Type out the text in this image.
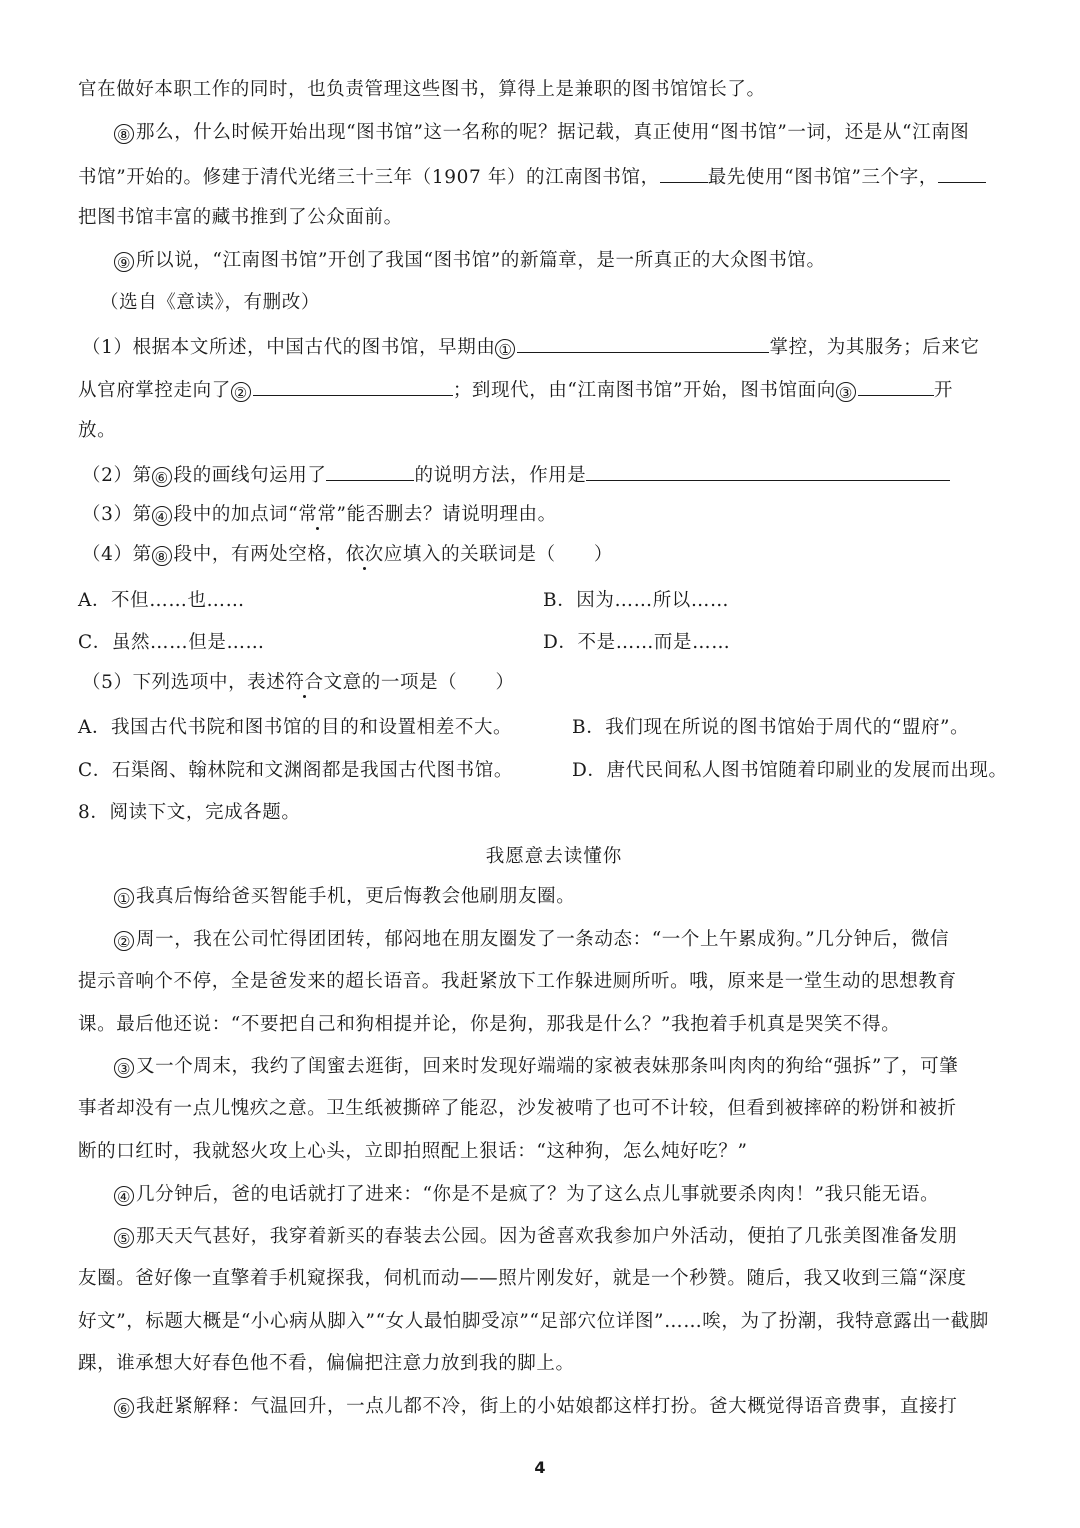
官在做好本职工作的同时，也负责管理这些图书，算得上是兼职的图书馆馆长了。
⑧ 那么，什么时候开始出现“图书馆”这一名称的呢？据记载，真正使用“图书馆”一词，还是从“江南图
书馆”开始的。修建于清代光绪三十三年（1907 年）的江南图书馆，	最先使用“图书馆”三个字，
把图书馆丰富的藏书推到了公众面前。
⑨ 所以说，“江南图书馆”开创了我国“图书馆”的新篇章，是一所真正的大众图书馆。
（选自《意读》，有删改）
（1）根据本文所述，中国古代的图书馆，早期由 ①	掌控，为其服务；后来它
从官府掌控走向了 ②	；到现代，由“江南图书馆”开始，图书馆面向 ③	开
放。
（2）第 ⑥ 段的画线句运用了	的说明方法，作用是
（3）第 ④ 段中的加点词“常常”能否删去？请说明理由。
（4）第 ⑧ 段中，有两处空格，依次应填入的关联词是（　　）
A．不但……也……	B．因为……所以……
C．虽然……但是……	D．不是……而是……
（5）下列选项中，表述符合文意的一项是（　　）
A．我国古代书院和图书馆的目的和设置相差不大。	B．我们现在所说的图书馆始于周代的“盟府”。
C．石渠阁、翰林院和文渊阁都是我国古代图书馆。	D．唐代民间私人图书馆随着印刷业的发展而出现。
8．阅读下文，完成各题。
我愿意去读懂你
① 我真后悔给爸买智能手机，更后悔教会他刷朋友圈。
② 周一，我在公司忙得团团转，郁闷地在朋友圈发了一条动态：“一个上午累成狗。”几分钟后，微信
提示音响个不停，全是爸发来的超长语音。我赶紧放下工作躲进厕所听。哦，原来是一堂生动的思想教育
课。最后他还说：“不要把自己和狗相提并论，你是狗，那我是什么？”我抱着手机真是哭笑不得。
③ 又一个周末，我约了闺蜜去逛街，回来时发现好端端的家被表妹那条叫肉肉的狗给“强拆”了，可肇
事者却没有一点儿愧疚之意。卫生纸被撕碎了能忍，沙发被啃了也可不计较，但看到被摔碎的粉饼和被折
断的口红时，我就怒火攻上心头，立即拍照配上狠话：“这种狗，怎么炖好吃？”
④ 几分钟后，爸的电话就打了进来：“你是不是疯了？为了这么点儿事就要杀肉肉！”我只能无语。
⑤ 那天天气甚好，我穿着新买的春装去公园。因为爸喜欢我参加户外活动，便拍了几张美图准备发朋
友圈。爸好像一直擎着手机窥探我，伺机而动——照片刚发好，就是一个秒赞。随后，我又收到三篇“深度
好文”，标题大概是“小心病从脚入”“女人最怕脚受凉”“足部穴位详图”……唉，为了扮潮，我特意露出一截脚
踝，谁承想大好春色他不看，偏偏把注意力放到我的脚上。
⑥ 我赶紧解释：气温回升，一点儿都不冷，街上的小姑娘都这样打扮。爸大概觉得语音费事，直接打
4
